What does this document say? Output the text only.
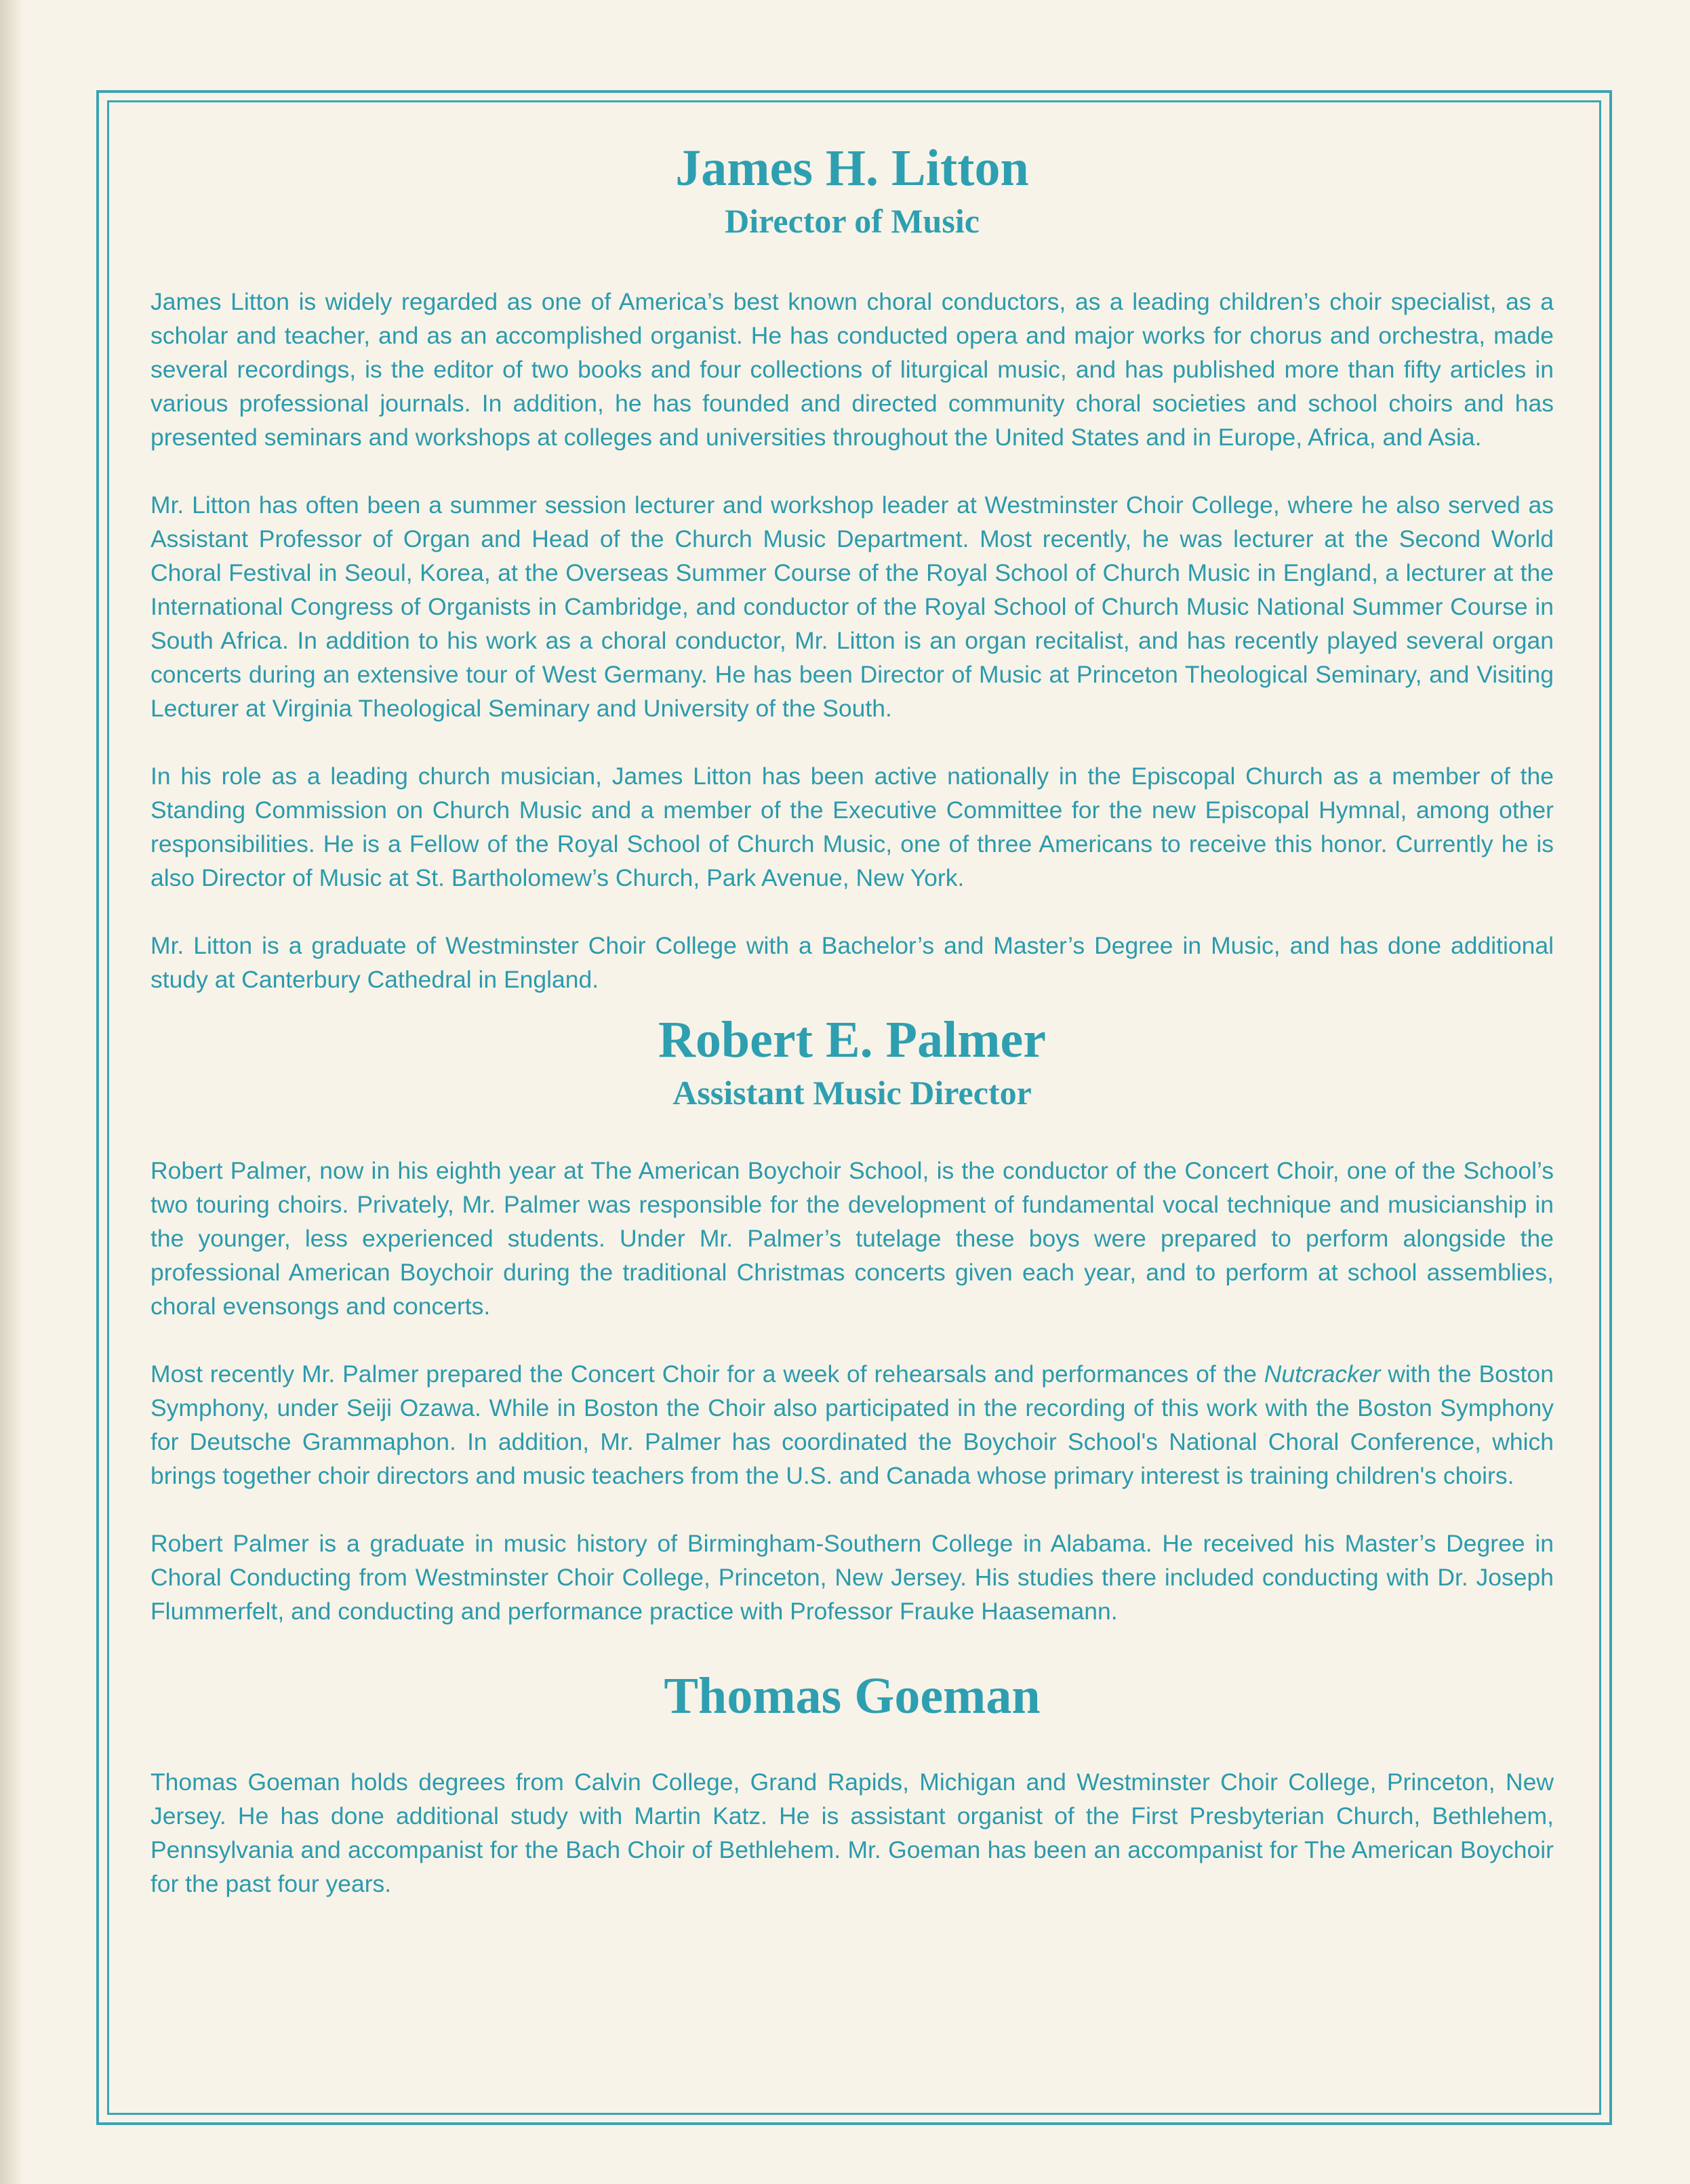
James H. Litton
Director of Music

James Litton is widely regarded as one of America’s best known choral conductors, as a leading children’s choir specialist, as a scholar and teacher, and as an accomplished organist. He has conducted opera and major works for chorus and orchestra, made several recordings, is the editor of two books and four collections of liturgical music, and has published more than fifty articles in various professional journals. In addition, he has founded and directed community choral societies and school choirs and has presented seminars and workshops at colleges and universities throughout the United States and in Europe, Africa, and Asia.

Mr. Litton has often been a summer session lecturer and workshop leader at Westminster Choir College, where he also served as Assistant Professor of Organ and Head of the Church Music Department. Most recently, he was lecturer at the Second World Choral Festival in Seoul, Korea, at the Overseas Summer Course of the Royal School of Church Music in England, a lecturer at the International Congress of Organists in Cambridge, and conductor of the Royal School of Church Music National Summer Course in South Africa. In addition to his work as a choral conductor, Mr. Litton is an organ recitalist, and has recently played several organ concerts during an extensive tour of West Germany. He has been Director of Music at Princeton Theological Seminary, and Visiting Lecturer at Virginia Theological Seminary and University of the South.

In his role as a leading church musician, James Litton has been active nationally in the Episcopal Church as a member of the Standing Commission on Church Music and a member of the Executive Committee for the new Episcopal Hymnal, among other responsibilities. He is a Fellow of the Royal School of Church Music, one of three Americans to receive this honor. Currently he is also Director of Music at St. Bartholomew’s Church, Park Avenue, New York.

Mr. Litton is a graduate of Westminster Choir College with a Bachelor’s and Master’s Degree in Music, and has done additional study at Canterbury Cathedral in England.

Robert E. Palmer
Assistant Music Director

Robert Palmer, now in his eighth year at The American Boychoir School, is the conductor of the Concert Choir, one of the School’s two touring choirs. Privately, Mr. Palmer was responsible for the development of fundamental vocal technique and musicianship in the younger, less experienced students. Under Mr. Palmer’s tutelage these boys were prepared to perform alongside the professional American Boychoir during the traditional Christmas concerts given each year, and to perform at school assemblies, choral evensongs and concerts.

Most recently Mr. Palmer prepared the Concert Choir for a week of rehearsals and performances of the Nutcracker with the Boston Symphony, under Seiji Ozawa. While in Boston the Choir also participated in the recording of this work with the Boston Symphony for Deutsche Grammaphon. In addition, Mr. Palmer has coordinated the Boychoir School's National Choral Conference, which brings together choir directors and music teachers from the U.S. and Canada whose primary interest is training children's choirs.

Robert Palmer is a graduate in music history of Birmingham-Southern College in Alabama. He received his Master’s Degree in Choral Conducting from Westminster Choir College, Princeton, New Jersey. His studies there included conducting with Dr. Joseph Flummerfelt, and conducting and performance practice with Professor Frauke Haasemann.

Thomas Goeman

Thomas Goeman holds degrees from Calvin College, Grand Rapids, Michigan and Westminster Choir College, Princeton, New Jersey. He has done additional study with Martin Katz. He is assistant organist of the First Presbyterian Church, Bethlehem, Pennsylvania and accompanist for the Bach Choir of Bethlehem. Mr. Goeman has been an accompanist for The American Boychoir for the past four years.
